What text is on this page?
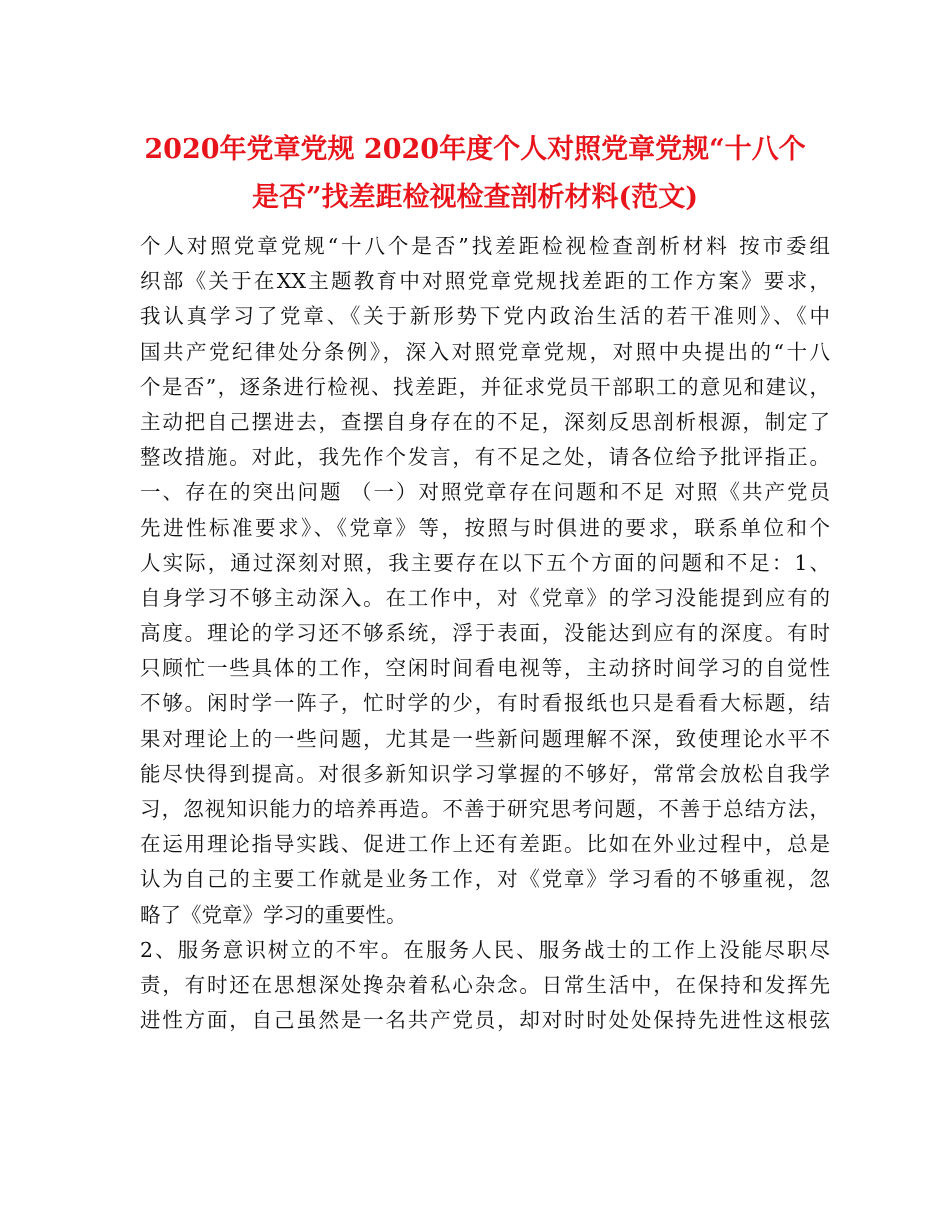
2020年党章党规 2020年度个人对照党章党规“十八个
是否”找差距检视检查剖析材料(范文)
个人对照党章党规“十八个是否”找差距检视检查剖析材料 按市委组
织部《关于在XX主题教育中对照党章党规找差距的工作方案》要求，
我认真学习了党章、《关于新形势下党内政治生活的若干准则》、《中
国共产党纪律处分条例》，深入对照党章党规，对照中央提出的“十八
个是否”，逐条进行检视、找差距，并征求党员干部职工的意见和建议，
主动把自己摆进去，查摆自身存在的不足，深刻反思剖析根源，制定了
整改措施。对此，我先作个发言，有不足之处，请各位给予批评指正。
一、存在的突出问题 （一）对照党章存在问题和不足 对照《共产党员
先进性标准要求》、《党章》等，按照与时俱进的要求，联系单位和个
人实际，通过深刻对照，我主要存在以下五个方面的问题和不足：1、
自身学习不够主动深入。在工作中，对《党章》的学习没能提到应有的
高度。理论的学习还不够系统，浮于表面，没能达到应有的深度。有时
只顾忙一些具体的工作，空闲时间看电视等，主动挤时间学习的自觉性
不够。闲时学一阵子，忙时学的少，有时看报纸也只是看看大标题，结
果对理论上的一些问题，尤其是一些新问题理解不深，致使理论水平不
能尽快得到提高。对很多新知识学习掌握的不够好，常常会放松自我学
习，忽视知识能力的培养再造。不善于研究思考问题，不善于总结方法，
在运用理论指导实践、促进工作上还有差距。比如在外业过程中，总是
认为自己的主要工作就是业务工作，对《党章》学习看的不够重视，忽
略了《党章》学习的重要性。
2、服务意识树立的不牢。在服务人民、服务战士的工作上没能尽职尽
责，有时还在思想深处搀杂着私心杂念。日常生活中，在保持和发挥先
进性方面，自己虽然是一名共产党员，却对时时处处保持先进性这根弦
